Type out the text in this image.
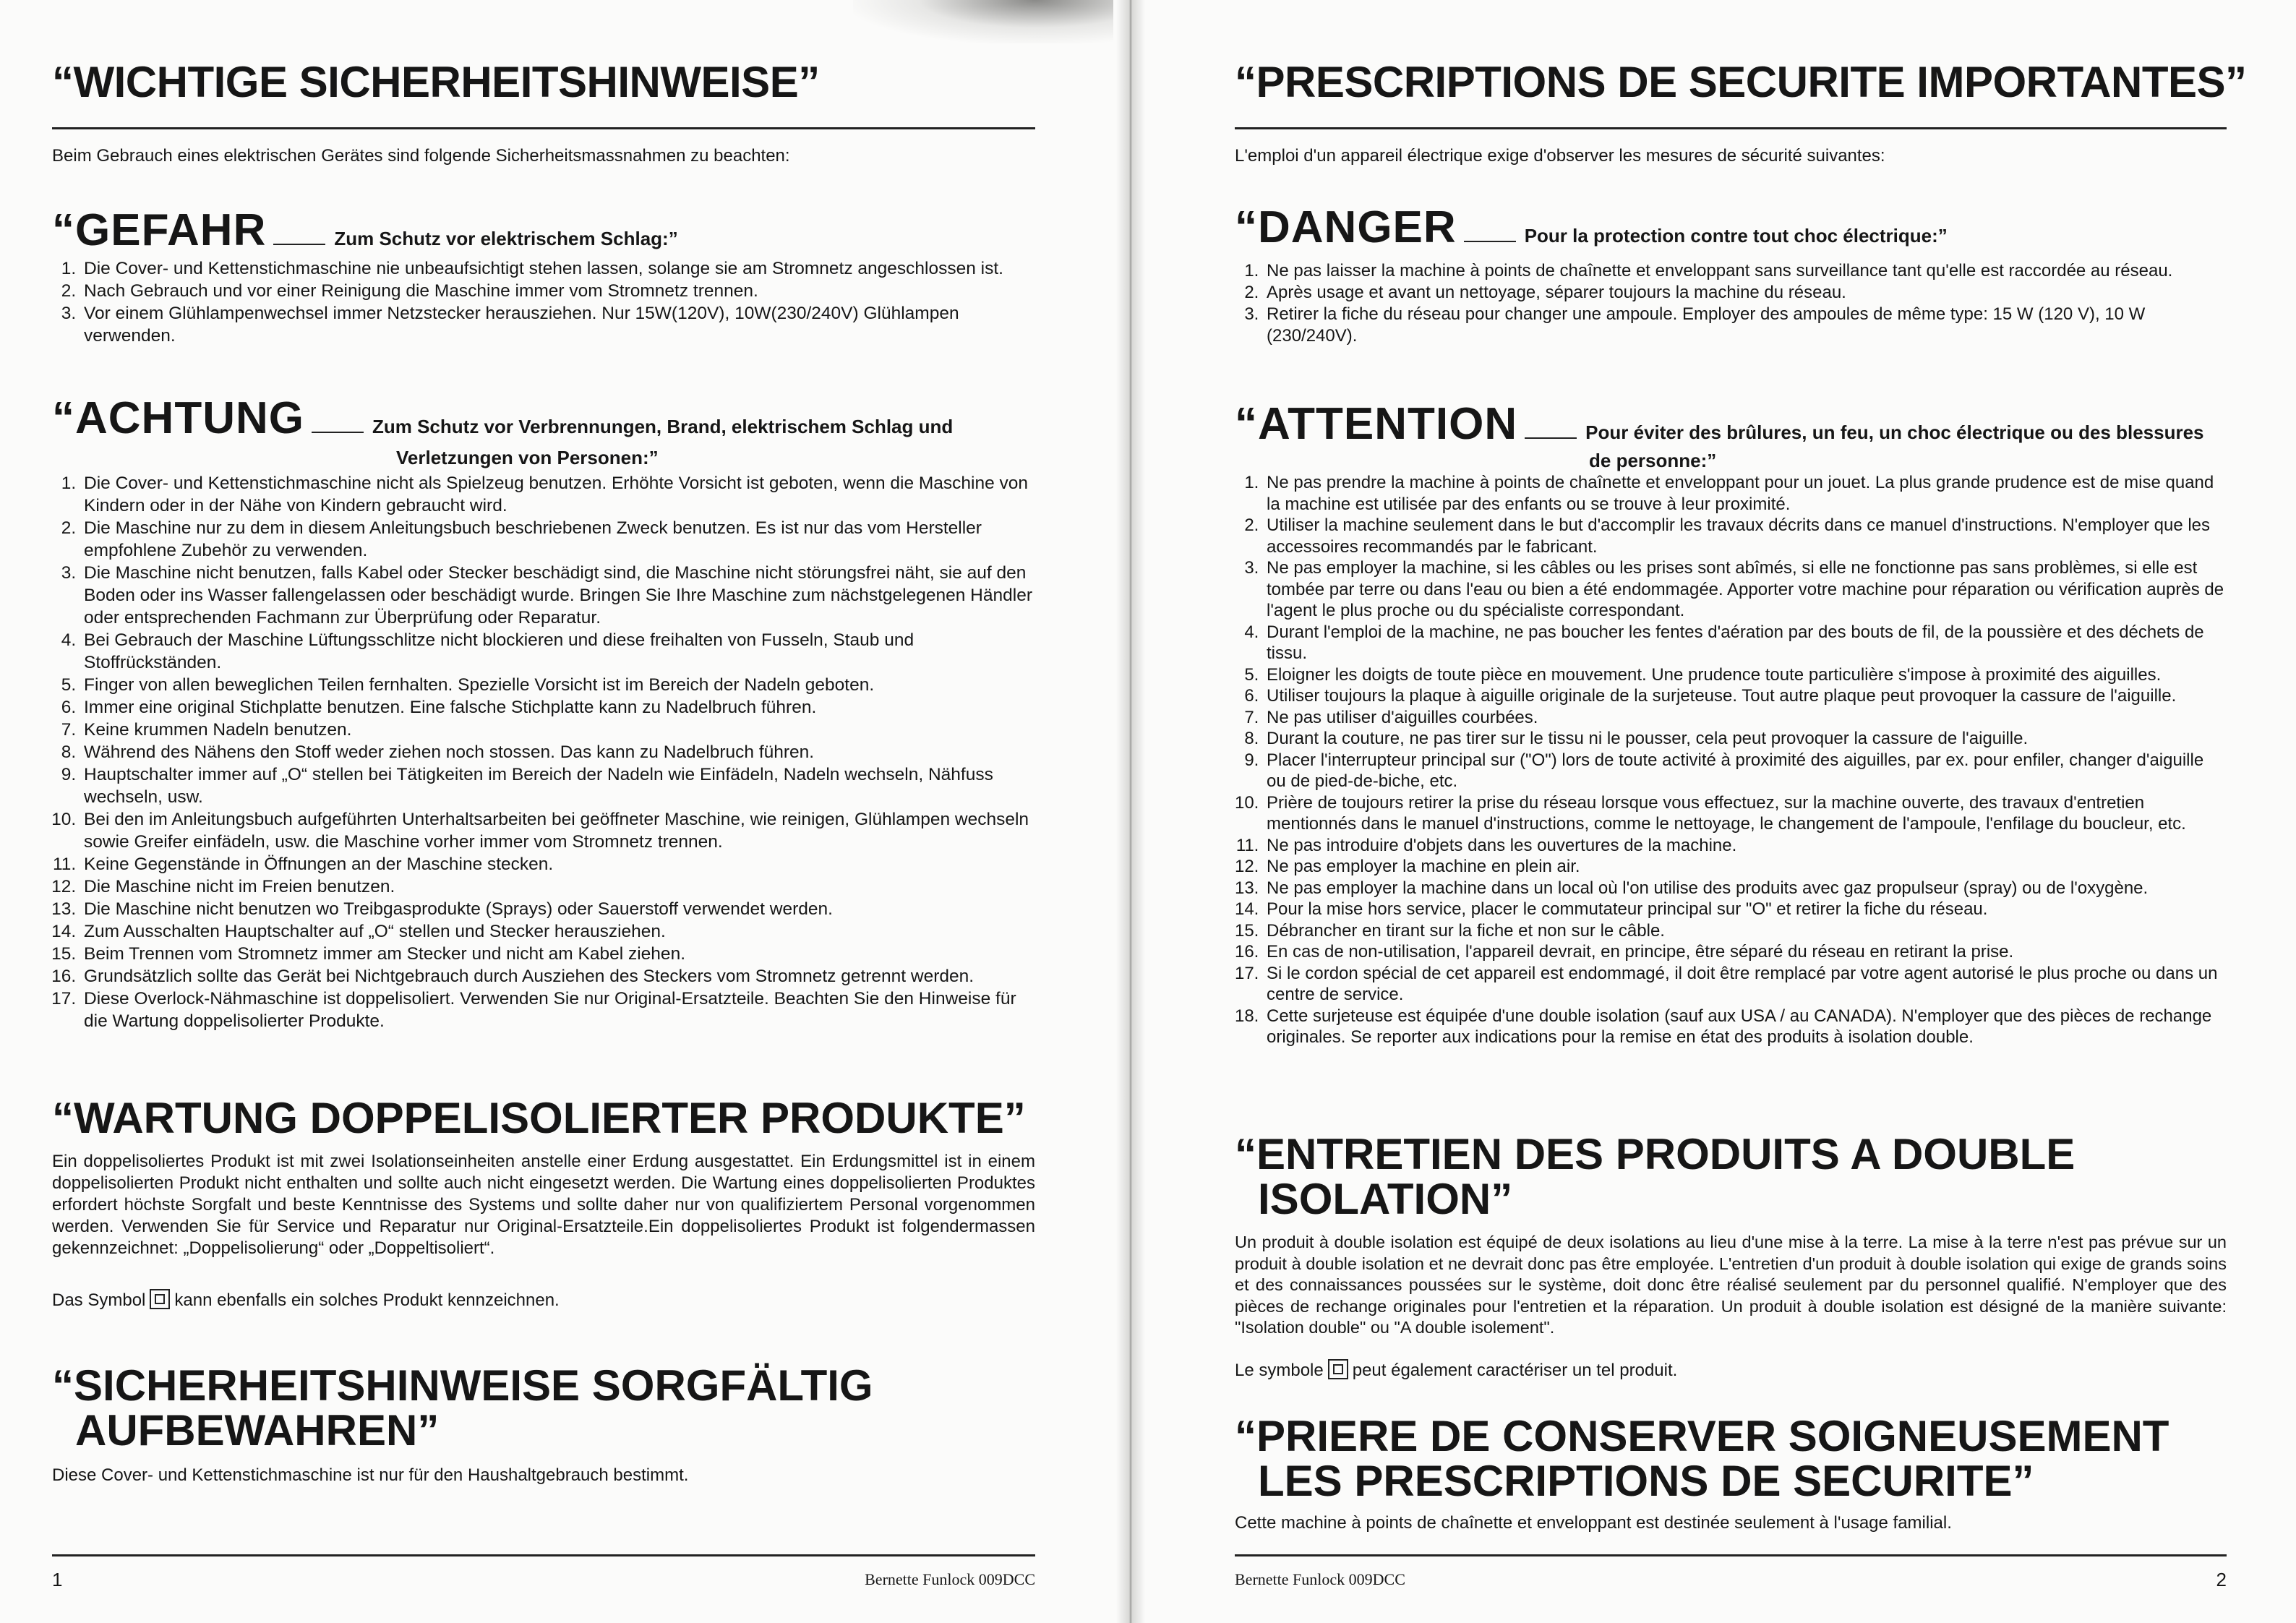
“WICHTIGE SICHERHEITSHINWEISE”
Beim Gebrauch eines elektrischen Gerätes sind folgende Sicherheitsmassnahmen zu beachten:
“GEFAHR	Zum Schutz vor elektrischem Schlag:”
1. Die Cover- und Kettenstichmaschine nie unbeaufsichtigt stehen lassen, solange sie am Stromnetz angeschlossen ist.
2. Nach Gebrauch und vor einer Reinigung die Maschine immer vom Stromnetz trennen.
3. Vor einem Glühlampenwechsel immer Netzstecker herausziehen. Nur 15W(120V), 10W(230/240V) Glühlampen verwenden.
“ACHTUNG	Zum Schutz vor Verbrennungen, Brand, elektrischem Schlag und
Verletzungen von Personen:”
1. Die Cover- und Kettenstichmaschine nicht als Spielzeug benutzen. Erhöhte Vorsicht ist geboten, wenn die Maschine von Kindern oder in der Nähe von Kindern gebraucht wird.
2. Die Maschine nur zu dem in diesem Anleitungsbuch beschriebenen Zweck benutzen. Es ist nur das vom Hersteller empfohlene Zubehör zu verwenden.
3. Die Maschine nicht benutzen, falls Kabel oder Stecker beschädigt sind, die Maschine nicht störungsfrei näht, sie auf den Boden oder ins Wasser fallengelassen oder beschädigt wurde. Bringen Sie Ihre Maschine zum nächstgelegenen Händler oder entsprechenden Fachmann zur Überprüfung oder Reparatur.
4. Bei Gebrauch der Maschine Lüftungsschlitze nicht blockieren und diese freihalten von Fusseln, Staub und Stoffrückständen.
5. Finger von allen beweglichen Teilen fernhalten. Spezielle Vorsicht ist im Bereich der Nadeln geboten.
6. Immer eine original Stichplatte benutzen. Eine falsche Stichplatte kann zu Nadelbruch führen.
7. Keine krummen Nadeln benutzen.
8. Während des Nähens den Stoff weder ziehen noch stossen. Das kann zu Nadelbruch führen.
9. Hauptschalter immer auf „O“ stellen bei Tätigkeiten im Bereich der Nadeln wie Einfädeln, Nadeln wechseln, Nähfuss wechseln, usw.
10. Bei den im Anleitungsbuch aufgeführten Unterhaltsarbeiten bei geöffneter Maschine, wie reinigen, Glühlampen wechseln sowie Greifer einfädeln, usw. die Maschine vorher immer vom Stromnetz trennen.
11. Keine Gegenstände in Öffnungen an der Maschine stecken.
12. Die Maschine nicht im Freien benutzen.
13. Die Maschine nicht benutzen wo Treibgasprodukte (Sprays) oder Sauerstoff verwendet werden.
14. Zum Ausschalten Hauptschalter auf „O“ stellen und Stecker herausziehen.
15. Beim Trennen vom Stromnetz immer am Stecker und nicht am Kabel ziehen.
16. Grundsätzlich sollte das Gerät bei Nichtgebrauch durch Ausziehen des Steckers vom Stromnetz getrennt werden.
17. Diese Overlock-Nähmaschine ist doppelisoliert. Verwenden Sie nur Original-Ersatzteile. Beachten Sie den Hinweise für die Wartung doppelisolierter Produkte.
“WARTUNG DOPPELISOLIERTER PRODUKTE”

Ein doppelisoliertes Produkt ist mit zwei Isolationseinheiten anstelle einer Erdung ausgestattet. Ein Erdungsmittel ist in einem doppelisolierten Produkt nicht enthalten und sollte auch nicht eingesetzt werden. Die Wartung eines doppelisolierten Produktes erfordert höchste Sorgfalt und beste Kenntnisse des Systems und sollte daher nur von qualifiziertem Personal vorgenommen werden. Verwenden Sie für Service und Reparatur nur Original-Ersatzteile.Ein doppelisoliertes Produkt ist folgendermassen gekennzeichnet: „Doppelisolierung“ oder „Doppeltisoliert“.

Das Symbol kann ebenfalls ein solches Produkt kennzeichnen.
“SICHERHEITSHINWEISE SORGFÄLTIG
AUFBEWAHREN”
Diese Cover- und Kettenstichmaschine ist nur für den Haushaltgebrauch bestimmt.
1	Bernette Funlock 009DCC
“PRESCRIPTIONS DE SECURITE IMPORTANTES”
L'emploi d'un appareil électrique exige d'observer les mesures de sécurité suivantes:
“DANGER	Pour la protection contre tout choc électrique:”
1. Ne pas laisser la machine à points de chaînette et enveloppant sans surveillance tant qu'elle est raccordée au réseau.
2. Après usage et avant un nettoyage, séparer toujours la machine du réseau.
3. Retirer la fiche du réseau pour changer une ampoule. Employer des ampoules de même type: 15 W (120 V), 10 W (230/240V).
“ATTENTION	Pour éviter des brûlures, un feu, un choc électrique ou des blessures
de personne:”
1. Ne pas prendre la machine à points de chaînette et enveloppant pour un jouet. La plus grande prudence est de mise quand la machine est utilisée par des enfants ou se trouve à leur proximité.
2. Utiliser la machine seulement dans le but d'accomplir les travaux décrits dans ce manuel d'instructions. N'employer que les accessoires recommandés par le fabricant.
3. Ne pas employer la machine, si les câbles ou les prises sont abîmés, si elle ne fonctionne pas sans problèmes, si elle est tombée par terre ou dans l'eau ou bien a été endommagée. Apporter votre machine pour réparation ou vérification auprès de l'agent le plus proche ou du spécialiste correspondant.
4. Durant l'emploi de la machine, ne pas boucher les fentes d'aération par des bouts de fil, de la poussière et des déchets de tissu.
5. Eloigner les doigts de toute pièce en mouvement. Une prudence toute particulière s'impose à proximité des aiguilles.
6. Utiliser toujours la plaque à aiguille originale de la surjeteuse. Tout autre plaque peut provoquer la cassure de l'aiguille.
7. Ne pas utiliser d'aiguilles courbées.
8. Durant la couture, ne pas tirer sur le tissu ni le pousser, cela peut provoquer la cassure de l'aiguille.
9. Placer l'interrupteur principal sur ("O") lors de toute activité à proximité des aiguilles, par ex. pour enfiler, changer d'aiguille ou de pied-de-biche, etc.
10. Prière de toujours retirer la prise du réseau lorsque vous effectuez, sur la machine ouverte, des travaux d'entretien mentionnés dans le manuel d'instructions, comme le nettoyage, le changement de l'ampoule, l'enfilage du boucleur, etc.
11. Ne pas introduire d'objets dans les ouvertures de la machine.
12. Ne pas employer la machine en plein air.
13. Ne pas employer la machine dans un local où l'on utilise des produits avec gaz propulseur (spray) ou de l'oxygène.
14. Pour la mise hors service, placer le commutateur principal sur "O" et retirer la fiche du réseau.
15. Débrancher en tirant sur la fiche et non sur le câble.
16. En cas de non-utilisation, l'appareil devrait, en principe, être séparé du réseau en retirant la prise.
17. Si le cordon spécial de cet appareil est endommagé, il doit être remplacé par votre agent autorisé le plus proche ou dans un centre de service.
18. Cette surjeteuse est équipée d'une double isolation (sauf aux USA / au CANADA). N'employer que des pièces de rechange originales. Se reporter aux indications pour la remise en état des produits à isolation double.
“ENTRETIEN DES PRODUITS A DOUBLE
ISOLATION”

Un produit à double isolation est équipé de deux isolations au lieu d'une mise à la terre. La mise à la terre n'est pas prévue sur un produit à double isolation et ne devrait donc pas être employée. L'entretien d'un produit à double isolation qui exige de grands soins et des connaissances poussées sur le système, doit donc être réalisé seulement par du personnel qualifié. N'employer que des pièces de rechange originales pour l'entretien et la réparation. Un produit à double isolation est désigné de la manière suivante: "Isolation double" ou "A double isolement".

Le symbole peut également caractériser un tel produit.
“PRIERE DE CONSERVER SOIGNEUSEMENT
LES PRESCRIPTIONS DE SECURITE”
Cette machine à points de chaînette et enveloppant est destinée seulement à l'usage familial.
Bernette Funlock 009DCC	2
